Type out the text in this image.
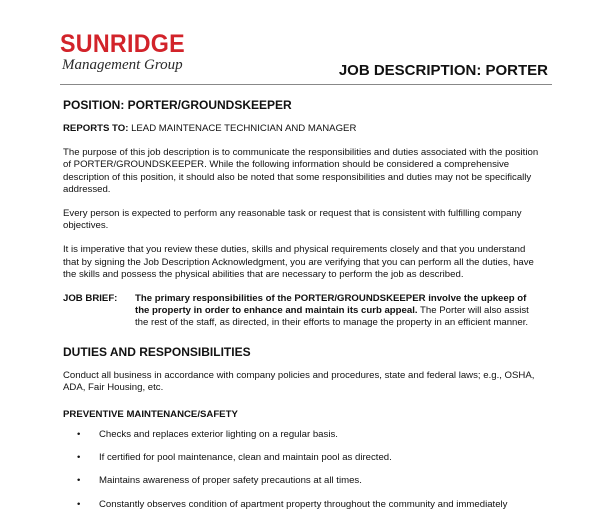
SUNRIDGE
Management Group	JOB DESCRIPTION: PORTER
POSITION: PORTER/GROUNDSKEEPER

REPORTS TO: LEAD MAINTENACE TECHNICIAN AND MANAGER

The purpose of this job description is to communicate the responsibilities and duties associated with the position of PORTER/GROUNDSKEEPER. While the following information should be considered a comprehensive description of this position, it should also be noted that some responsibilities and duties may not be specifically addressed.

Every person is expected to perform any reasonable task or request that is consistent with fulfilling company objectives.

It is imperative that you review these duties, skills and physical requirements closely and that you understand that by signing the Job Description Acknowledgment, you are verifying that you can perform all the duties, have the skills and possess the physical abilities that are necessary to perform the job as described.

JOB BRIEF:	The primary responsibilities of the PORTER/GROUNDSKEEPER involve the upkeep of the property in order to enhance and maintain its curb appeal. The Porter will also assist the rest of the staff, as directed, in their efforts to manage the property in an efficient manner.
DUTIES AND RESPONSIBILITIES

Conduct all business in accordance with company policies and procedures, state and federal laws; e.g., OSHA, ADA, Fair Housing, etc.

PREVENTIVE MAINTENANCE/SAFETY
• Checks and replaces exterior lighting on a regular basis.
• If certified for pool maintenance, clean and maintain pool as directed.
• Maintains awareness of proper safety precautions at all times.
• Constantly observes condition of apartment property throughout the community and immediately
